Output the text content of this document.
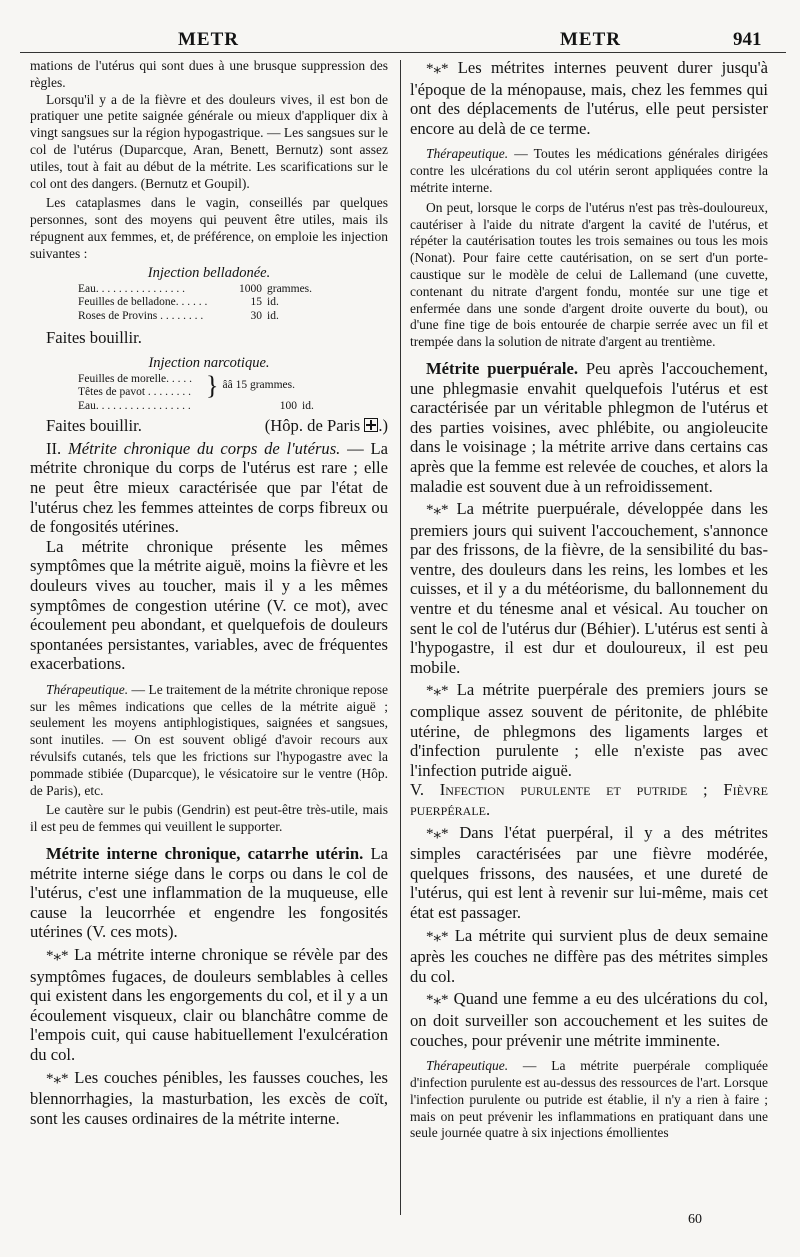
METR	METR	941

mations de l'utérus qui sont dues à une brusque suppression des règles.

Lorsqu'il y a de la fièvre et des douleurs vives, il est bon de pratiquer une petite saignée générale ou mieux d'appliquer dix à vingt sangsues sur la région hypogastrique. — Les sangsues sur le col de l'utérus (Duparcque, Aran, Benett, Bernutz) sont assez utiles, tout à fait au début de la métrite. Les scarifications sur le col ont des dangers. (Bernutz et Goupil).

Les cataplasmes dans le vagin, conseillés par quelques personnes, sont des moyens qui peuvent être utiles, mais ils répugnent aux femmes, et, de préférence, on emploie les injection suivantes :

Injection belladonée.
Eau. . . . . . . . . . . . . . . .	1000	grammes.
Feuilles de belladone. . . . . .	15	id.
Roses de Provins . . . . . . . .	30	id.

Faites bouillir.

Injection narcotique.
Feuilles de morelle. . . . .
Têtes de pavot . . . . . . . .	}	ââ 15 grammes.
Eau. . . . . . . . . . . . . . . . .	100	id.

Faites bouillir.	(Hôp. de Paris .)

II. Métrite chronique du corps de l'utérus. — La métrite chronique du corps de l'utérus est rare ; elle ne peut être mieux caractérisée que par l'état de l'utérus chez les femmes atteintes de corps fibreux ou de fongosités utérines.

La métrite chronique présente les mêmes symptômes que la métrite aiguë, moins la fièvre et les douleurs vives au toucher, mais il y a les mêmes symptômes de congestion utérine (V. ce mot), avec écoulement peu abondant, et quelquefois de douleurs spontanées persistantes, variables, avec de fréquentes exacerbations.

Thérapeutique. — Le traitement de la métrite chronique repose sur les mêmes indications que celles de la métrite aiguë ; seulement les moyens antiphlogistiques, saignées et sangsues, sont inutiles. — On est souvent obligé d'avoir recours aux révulsifs cutanés, tels que les frictions sur l'hypogastre avec la pommade stibiée (Duparcque), le vésicatoire sur le ventre (Hôp. de Paris), etc.

Le cautère sur le pubis (Gendrin) est peut-être très-utile, mais il est peu de femmes qui veuillent le supporter.

Métrite interne chronique, catarrhe utérin. La métrite interne siége dans le corps ou dans le col de l'utérus, c'est une inflammation de la muqueuse, elle cause la leucorrhée et engendre les fongosités utérines (V. ces mots).

*⁎* La métrite interne chronique se révèle par des symptômes fugaces, de douleurs semblables à celles qui existent dans les engorgements du col, et il y a un écoulement visqueux, clair ou blanchâtre comme de l'empois cuit, qui cause habituellement l'exulcération du col.

*⁎* Les couches pénibles, les fausses couches, les blennorrhagies, la masturbation, les excès de coït, sont les causes ordinaires de la métrite interne.

*⁎* Les métrites internes peuvent durer jusqu'à l'époque de la ménopause, mais, chez les femmes qui ont des déplacements de l'utérus, elle peut persister encore au delà de ce terme.

Thérapeutique. — Toutes les médications générales dirigées contre les ulcérations du col utérin seront appliquées contre la métrite interne.

On peut, lorsque le corps de l'utérus n'est pas très-douloureux, cautériser à l'aide du nitrate d'argent la cavité de l'utérus, et répéter la cautérisation toutes les trois semaines ou tous les mois (Nonat). Pour faire cette cautérisation, on se sert d'un porte-caustique sur le modèle de celui de Lallemand (une cuvette, contenant du nitrate d'argent fondu, montée sur une tige et enfermée dans une sonde d'argent droite ouverte du bout), ou d'une fine tige de bois entourée de charpie serrée avec un fil et trempée dans la solution de nitrate d'argent au trentième.

Métrite puerpuérale. Peu après l'accouchement, une phlegmasie envahit quelquefois l'utérus et est caractérisée par un véritable phlegmon de l'utérus et des parties voisines, avec phlébite, ou angioleucite dans le voisinage ; la métrite arrive dans certains cas après que la femme est relevée de couches, et alors la maladie est souvent due à un refroidissement.

*⁎* La métrite puerpuérale, développée dans les premiers jours qui suivent l'accouchement, s'annonce par des frissons, de la fièvre, de la sensibilité du bas-ventre, des douleurs dans les reins, les lombes et les cuisses, et il y a du météorisme, du ballonnement du ventre et du ténesme anal et vésical. Au toucher on sent le col de l'utérus dur (Béhier). L'utérus est senti à l'hypogastre, il est dur et douloureux, il est peu mobile.

*⁎* La métrite puerpérale des premiers jours se complique assez souvent de péritonite, de phlébite utérine, de phlegmons des ligaments larges et d'infection purulente ; elle n'existe pas avec l'infection putride aiguë.

V. Infection purulente et putride ; Fièvre puerpérale.

*⁎* Dans l'état puerpéral, il y a des métrites simples caractérisées par une fièvre modérée, quelques frissons, des nausées, et une dureté de l'utérus, qui est lent à revenir sur lui-même, mais cet état est passager.

*⁎* La métrite qui survient plus de deux semaine après les couches ne diffère pas des métrites simples du col.

*⁎* Quand une femme a eu des ulcérations du col, on doit surveiller son accouchement et les suites de couches, pour prévenir une métrite imminente.

Thérapeutique. — La métrite puerpérale compliquée d'infection purulente est au-dessus des ressources de l'art. Lorsque l'infection purulente ou putride est établie, il n'y a rien à faire ; mais on peut prévenir les inflammations en pratiquant dans une seule journée quatre à six injections émollientes

60
